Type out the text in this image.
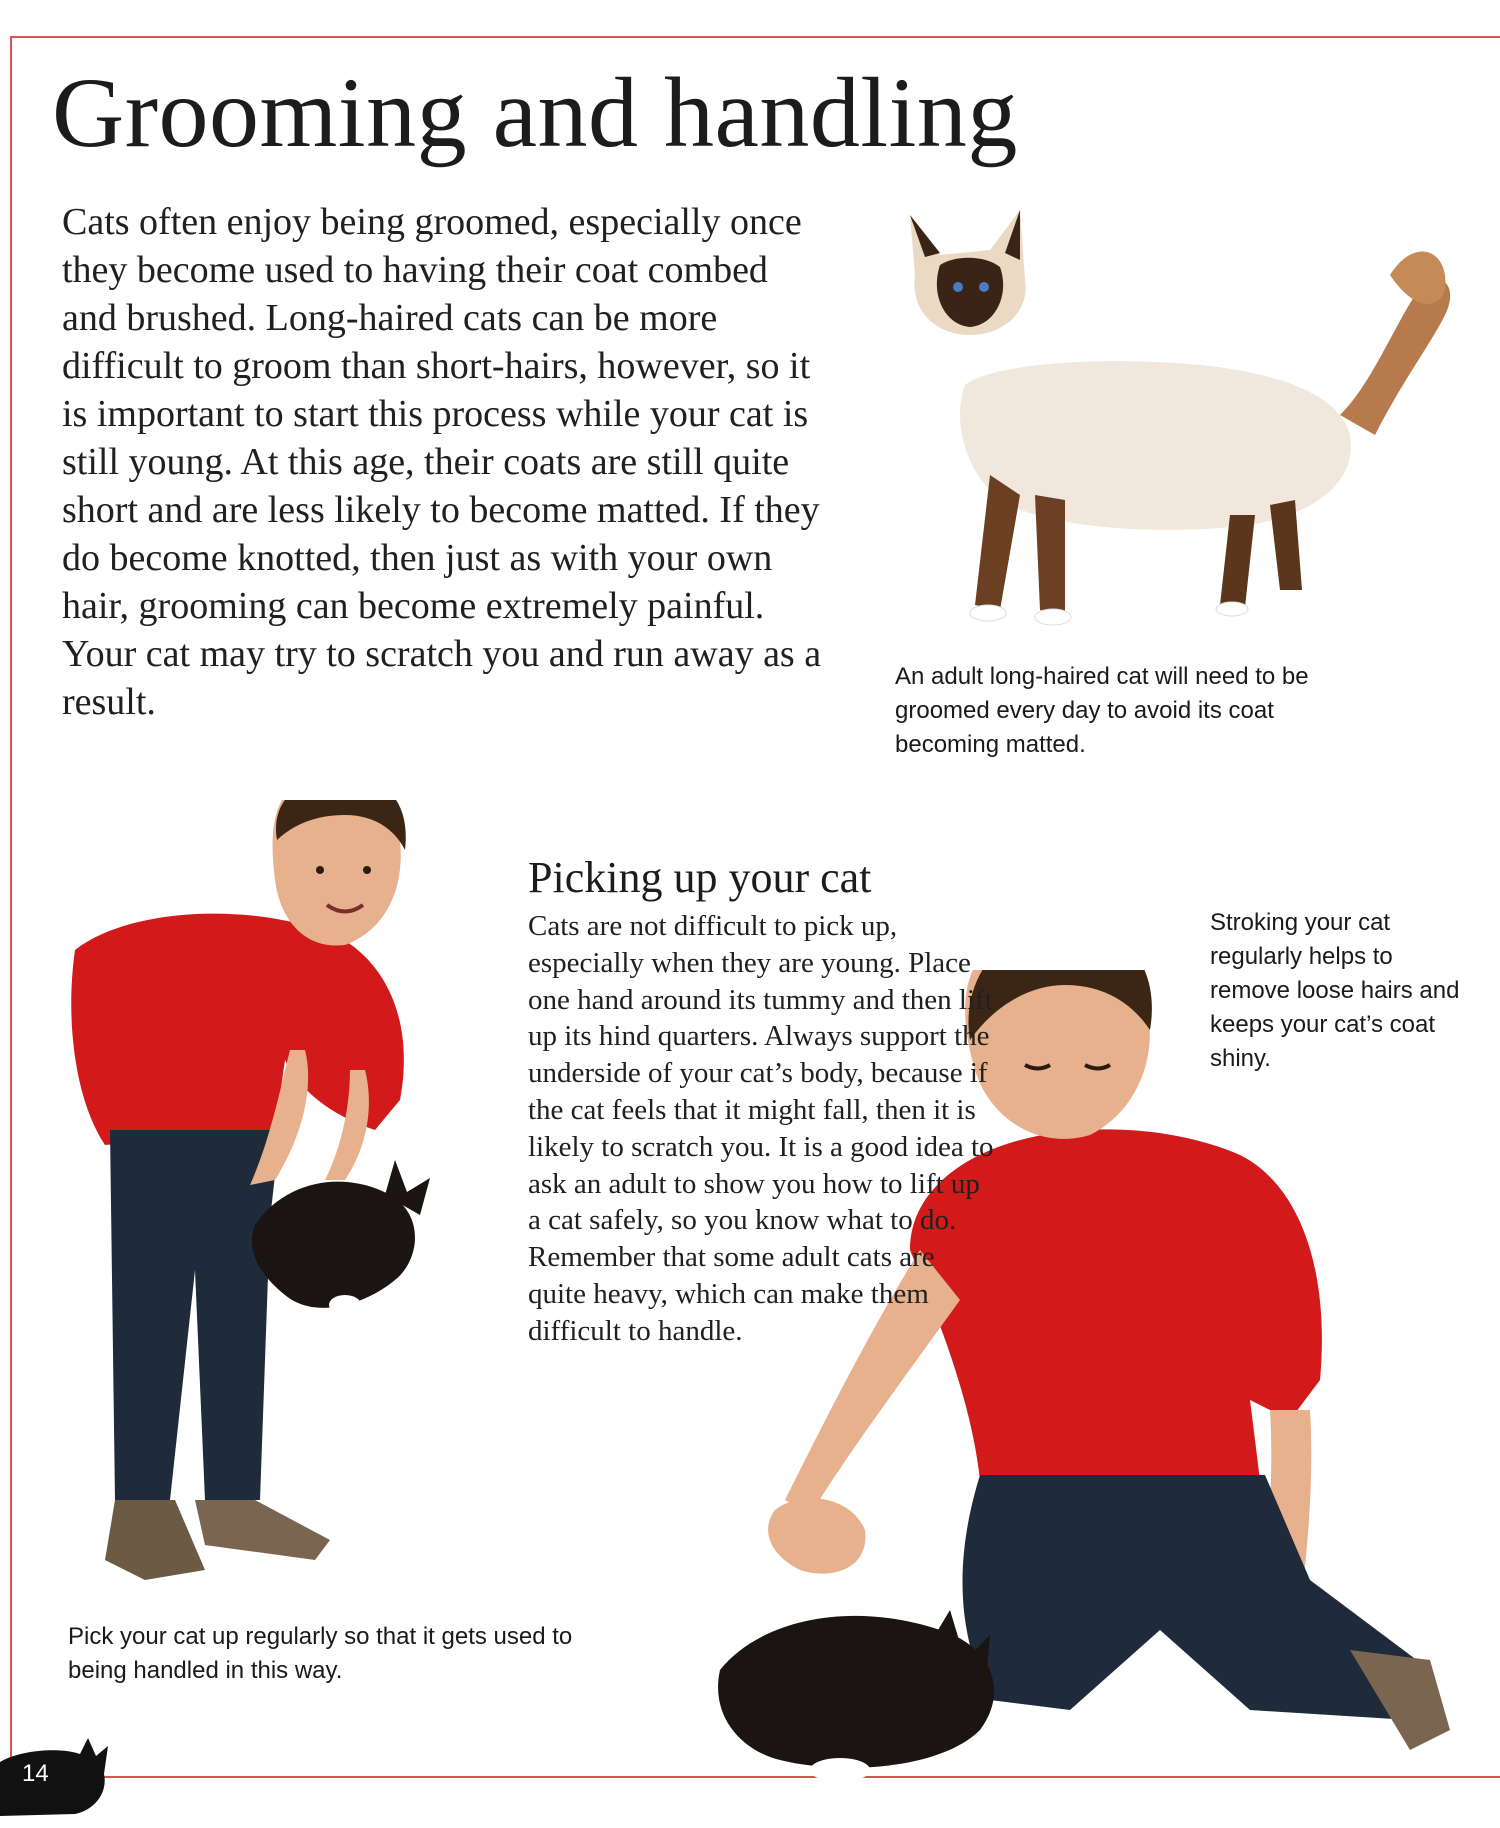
Grooming and handling

Cats often enjoy being groomed, especially once they become used to having their coat combed and brushed. Long-haired cats can be more difficult to groom than short-hairs, however, so it is important to start this process while your cat is still young. At this age, their coats are still quite short and are less likely to become matted. If they do become knotted, then just as with your own hair, grooming can become extremely painful. Your cat may try to scratch you and run away as a result.

An adult long-haired cat will need to be groomed every day to avoid its coat becoming matted.

Picking up your cat

Cats are not difficult to pick up, especially when they are young. Place one hand around its tummy and then lift up its hind quarters. Always support the underside of your cat’s body, because if the cat feels that it might fall, then it is likely to scratch you. It is a good idea to ask an adult to show you how to lift up a cat safely, so you know what to do. Remember that some adult cats are quite heavy, which can make them difficult to handle.

Stroking your cat regularly helps to remove loose hairs and keeps your cat’s coat shiny.

Pick your cat up regularly so that it gets used to being handled in this way.

14
